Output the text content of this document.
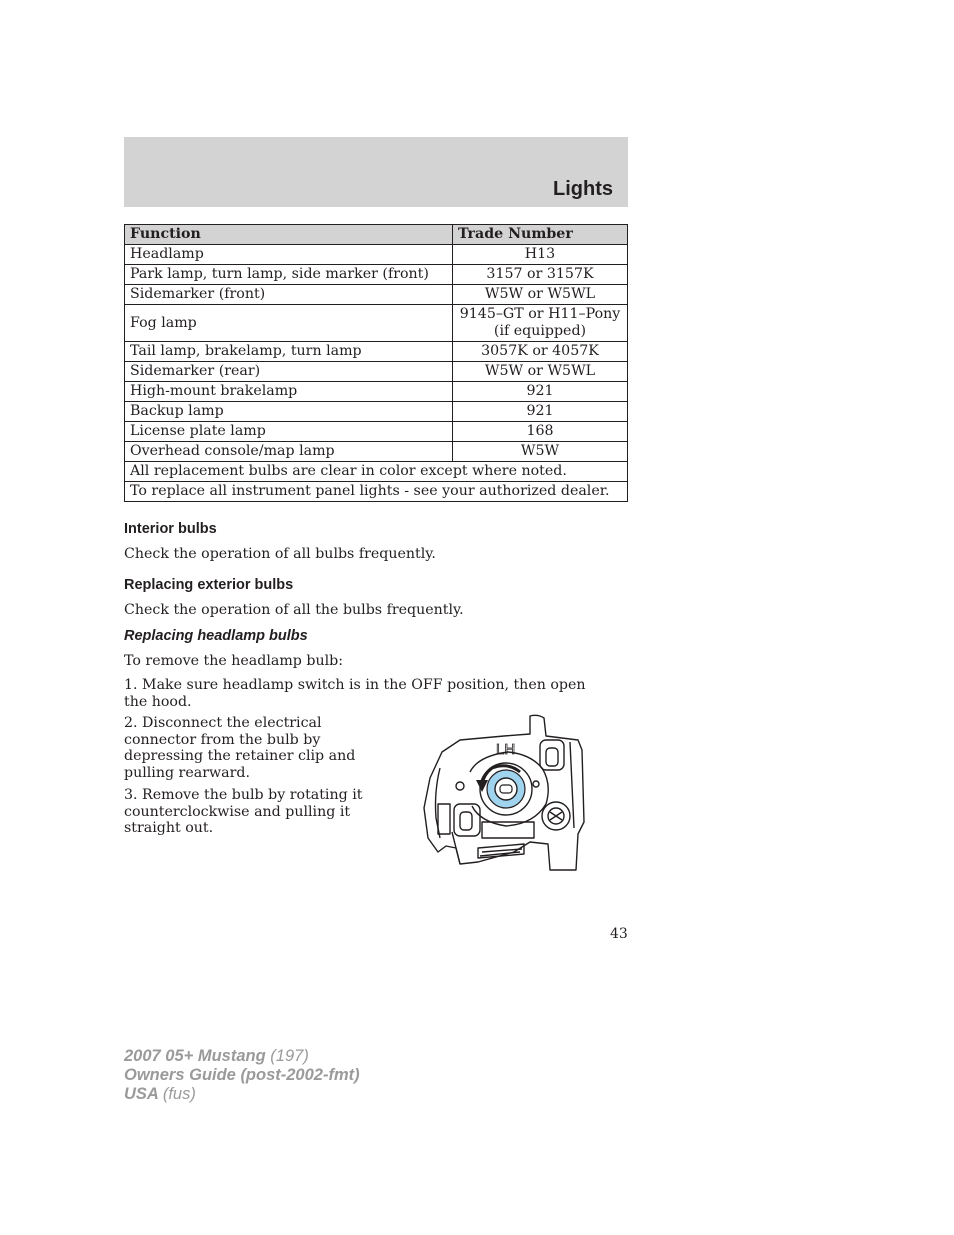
Lights
Function	Trade Number
Headlamp	H13
Park lamp, turn lamp, side marker (front)	3157 or 3157K
Sidemarker (front)	W5W or W5WL
Fog lamp	9145–GT or H11–Pony
(if equipped)

Tail lamp, brakelamp, turn lamp	3057K or 4057K
Sidemarker (rear)	W5W or W5WL
High-mount brakelamp	921
Backup lamp	921
License plate lamp	168
Overhead console/map lamp	W5W
All replacement bulbs are clear in color except where noted.	
To replace all instrument panel lights - see your authorized dealer.	
Interior bulbs
Check the operation of all bulbs frequently.
Replacing exterior bulbs
Check the operation of all the bulbs frequently.
Replacing headlamp bulbs
To remove the headlamp bulb:
1. Make sure headlamp switch is in the OFF position, then open the hood.
2. Disconnect the electrical connector from the bulb by depressing the retainer clip and pulling rearward.
3. Remove the bulb by rotating it counterclockwise and pulling it straight out.
LH
43
2007 05+ Mustang (197)
Owners Guide (post-2002-fmt)
USA (fus)
